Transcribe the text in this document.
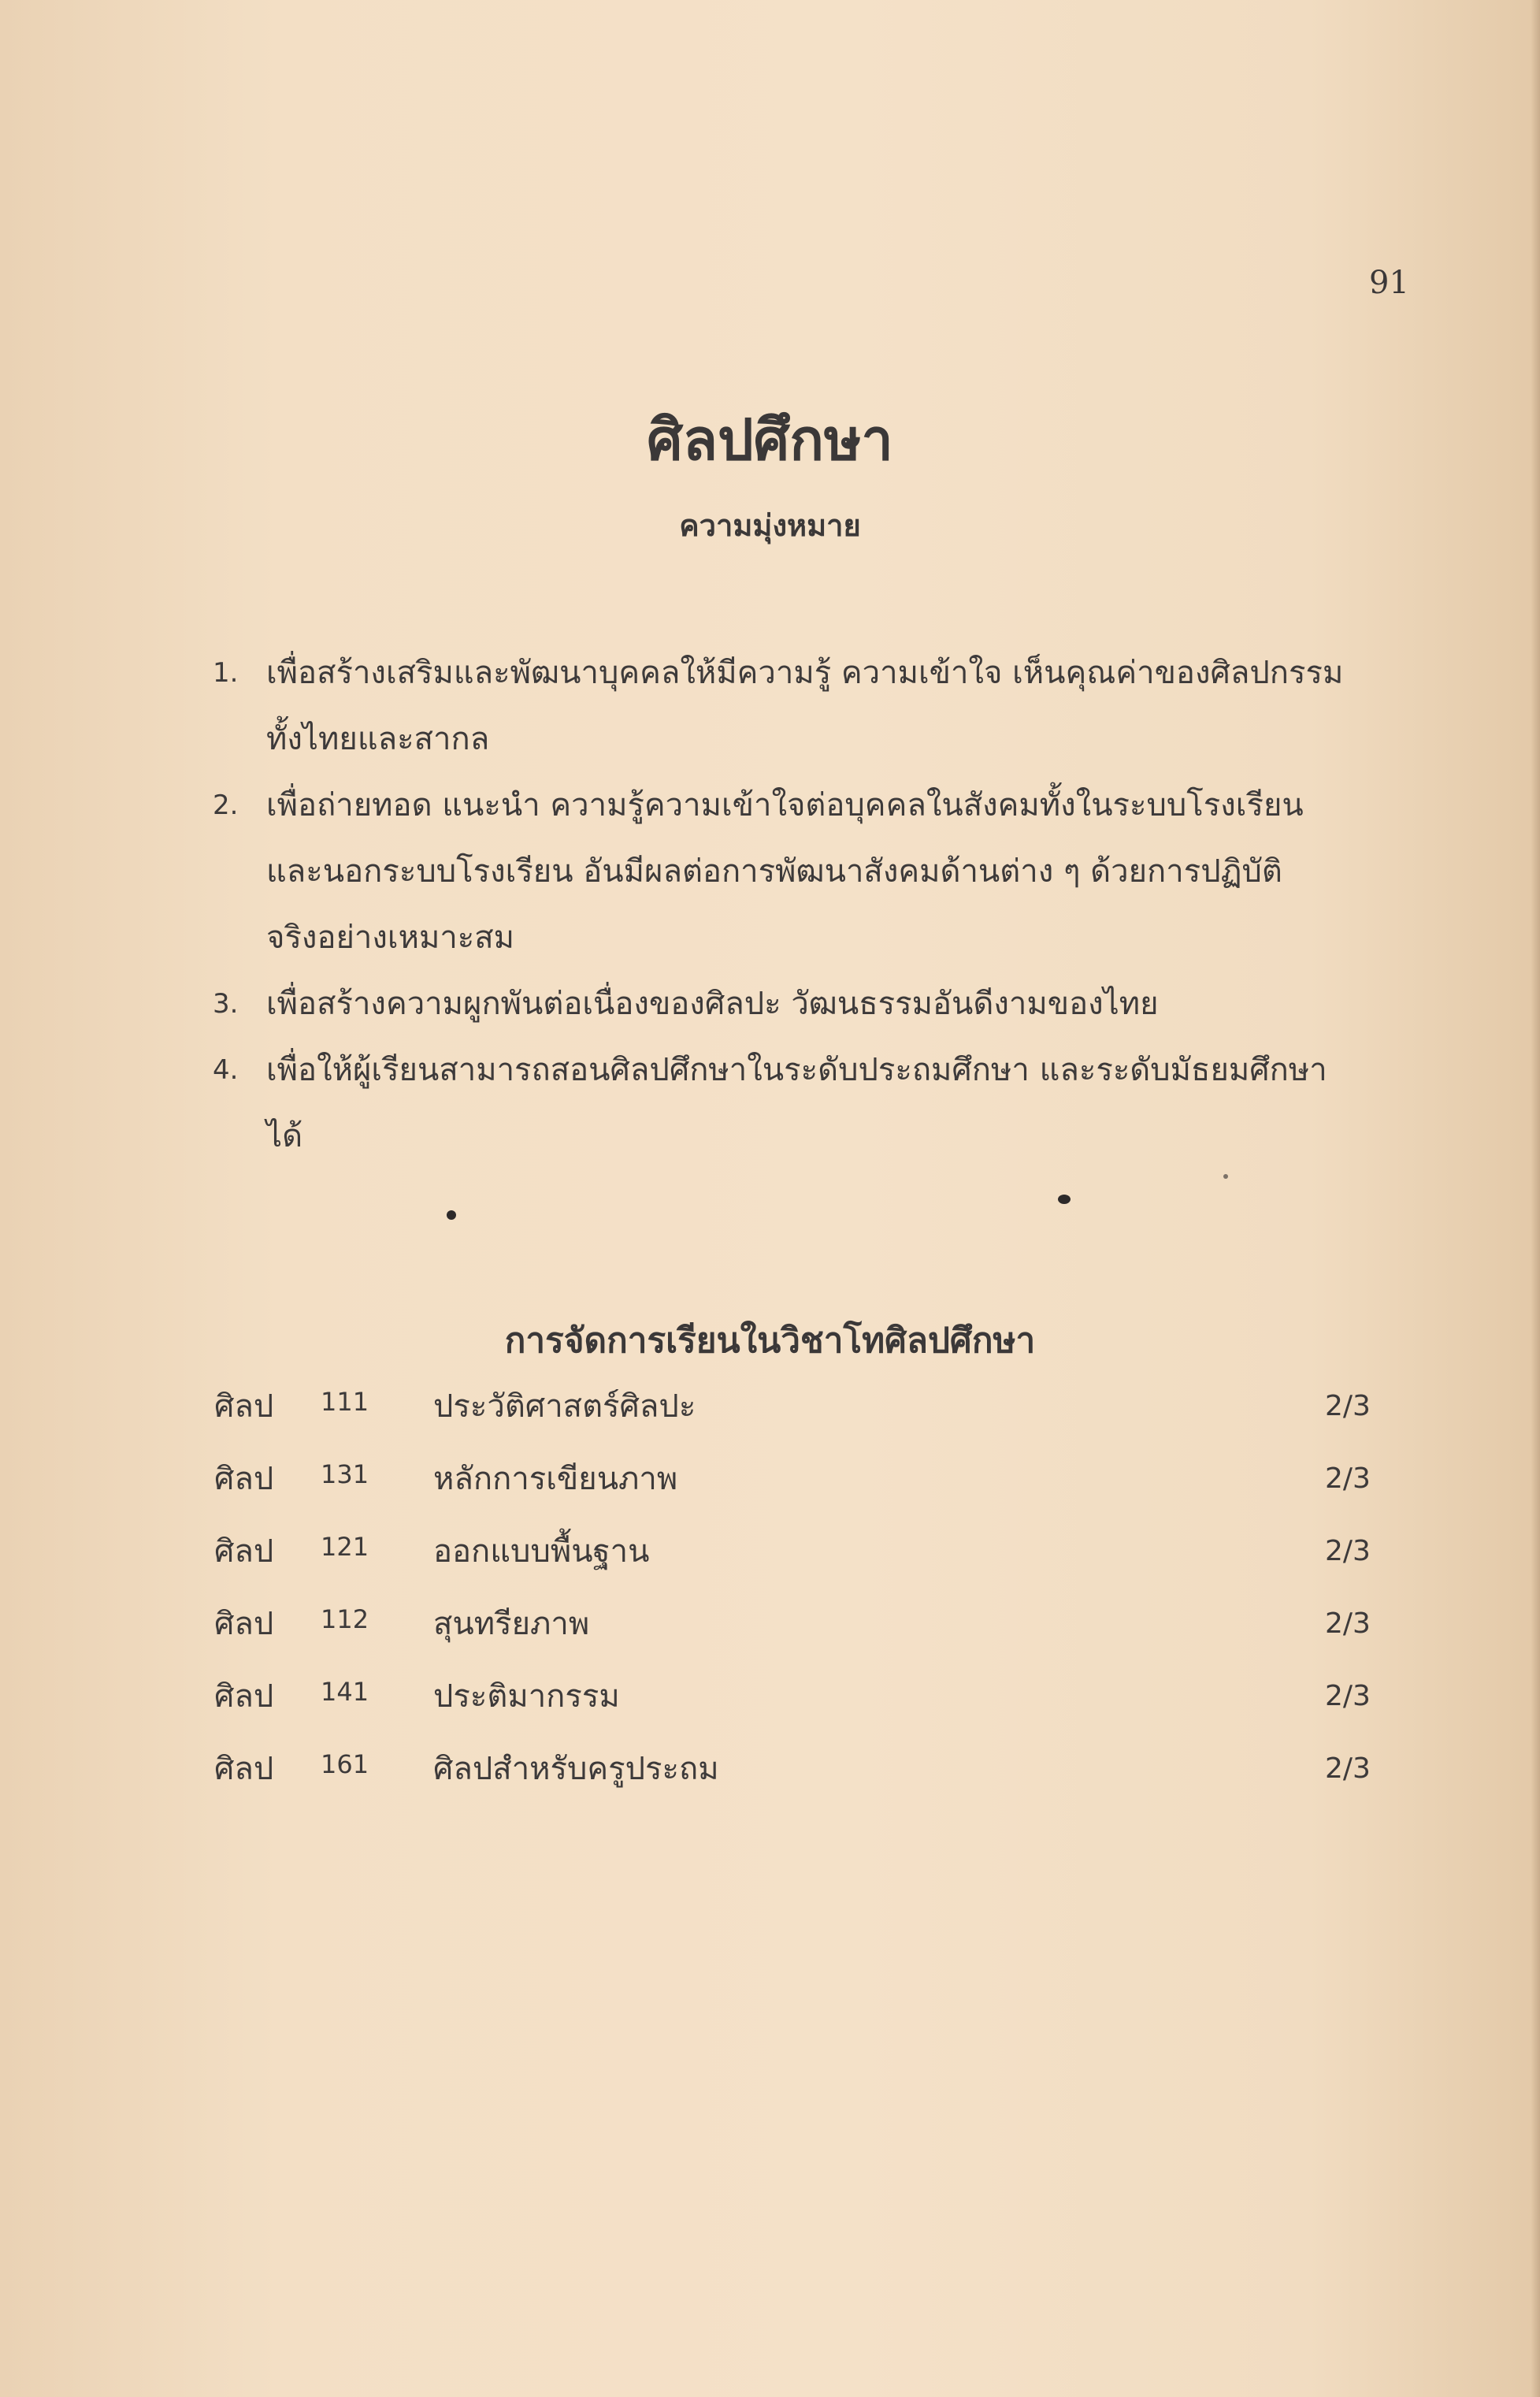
91
ศิลปศึกษา
ความมุ่งหมาย
1. เพื่อสร้างเสริมและพัฒนาบุคคลให้มีความรู้ ความเข้าใจ เห็นคุณค่าของศิลปกรรม
ทั้งไทยและสากล
2. เพื่อถ่ายทอด แนะนำ ความรู้ความเข้าใจต่อบุคคลในสังคมทั้งในระบบโรงเรียน
และนอกระบบโรงเรียน อันมีผลต่อการพัฒนาสังคมด้านต่าง ๆ ด้วยการปฏิบัติ
จริงอย่างเหมาะสม
3. เพื่อสร้างความผูกพันต่อเนื่องของศิลปะ วัฒนธรรมอันดีงามของไทย
4. เพื่อให้ผู้เรียนสามารถสอนศิลปศึกษาในระดับประถมศึกษา และระดับมัธยมศึกษา
ได้
การจัดการเรียนในวิชาโทศิลปศึกษา
ศิลป 111 ประวัติศาสตร์ศิลปะ	2/3
ศิลป 131 หลักการเขียนภาพ	2/3
ศิลป 121 ออกแบบพื้นฐาน	2/3
ศิลป 112 สุนทรียภาพ	2/3
ศิลป 141 ประติมากรรม	2/3
ศิลป 161 ศิลปสำหรับครูประถม	2/3
